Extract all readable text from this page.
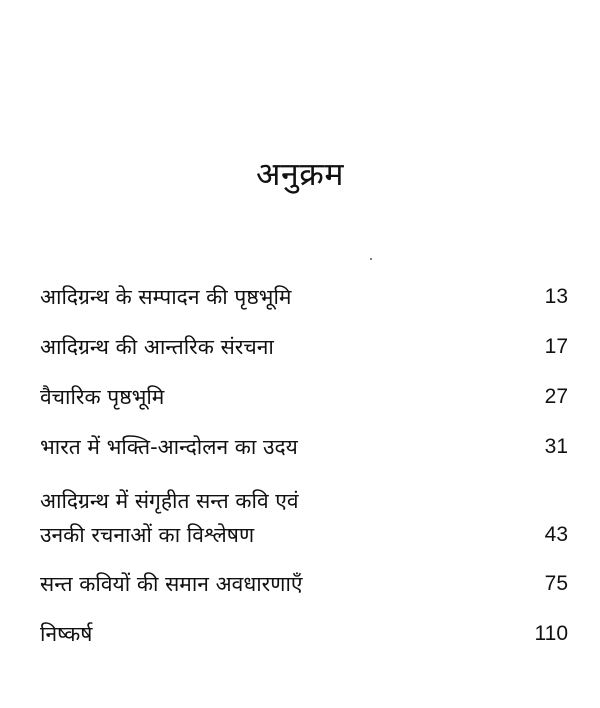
अनुक्रम
आदिग्रन्थ के सम्पादन की पृष्ठभूमि	13
आदिग्रन्थ की आन्तरिक संरचना	17
वैचारिक पृष्ठभूमि	27
भारत में भक्ति-आन्दोलन का उदय	31
आदिग्रन्थ में संगृहीत सन्त कवि एवं
उनकी रचनाओं का विश्लेषण	43
सन्त कवियों की समान अवधारणाएँ	75
निष्कर्ष	110
